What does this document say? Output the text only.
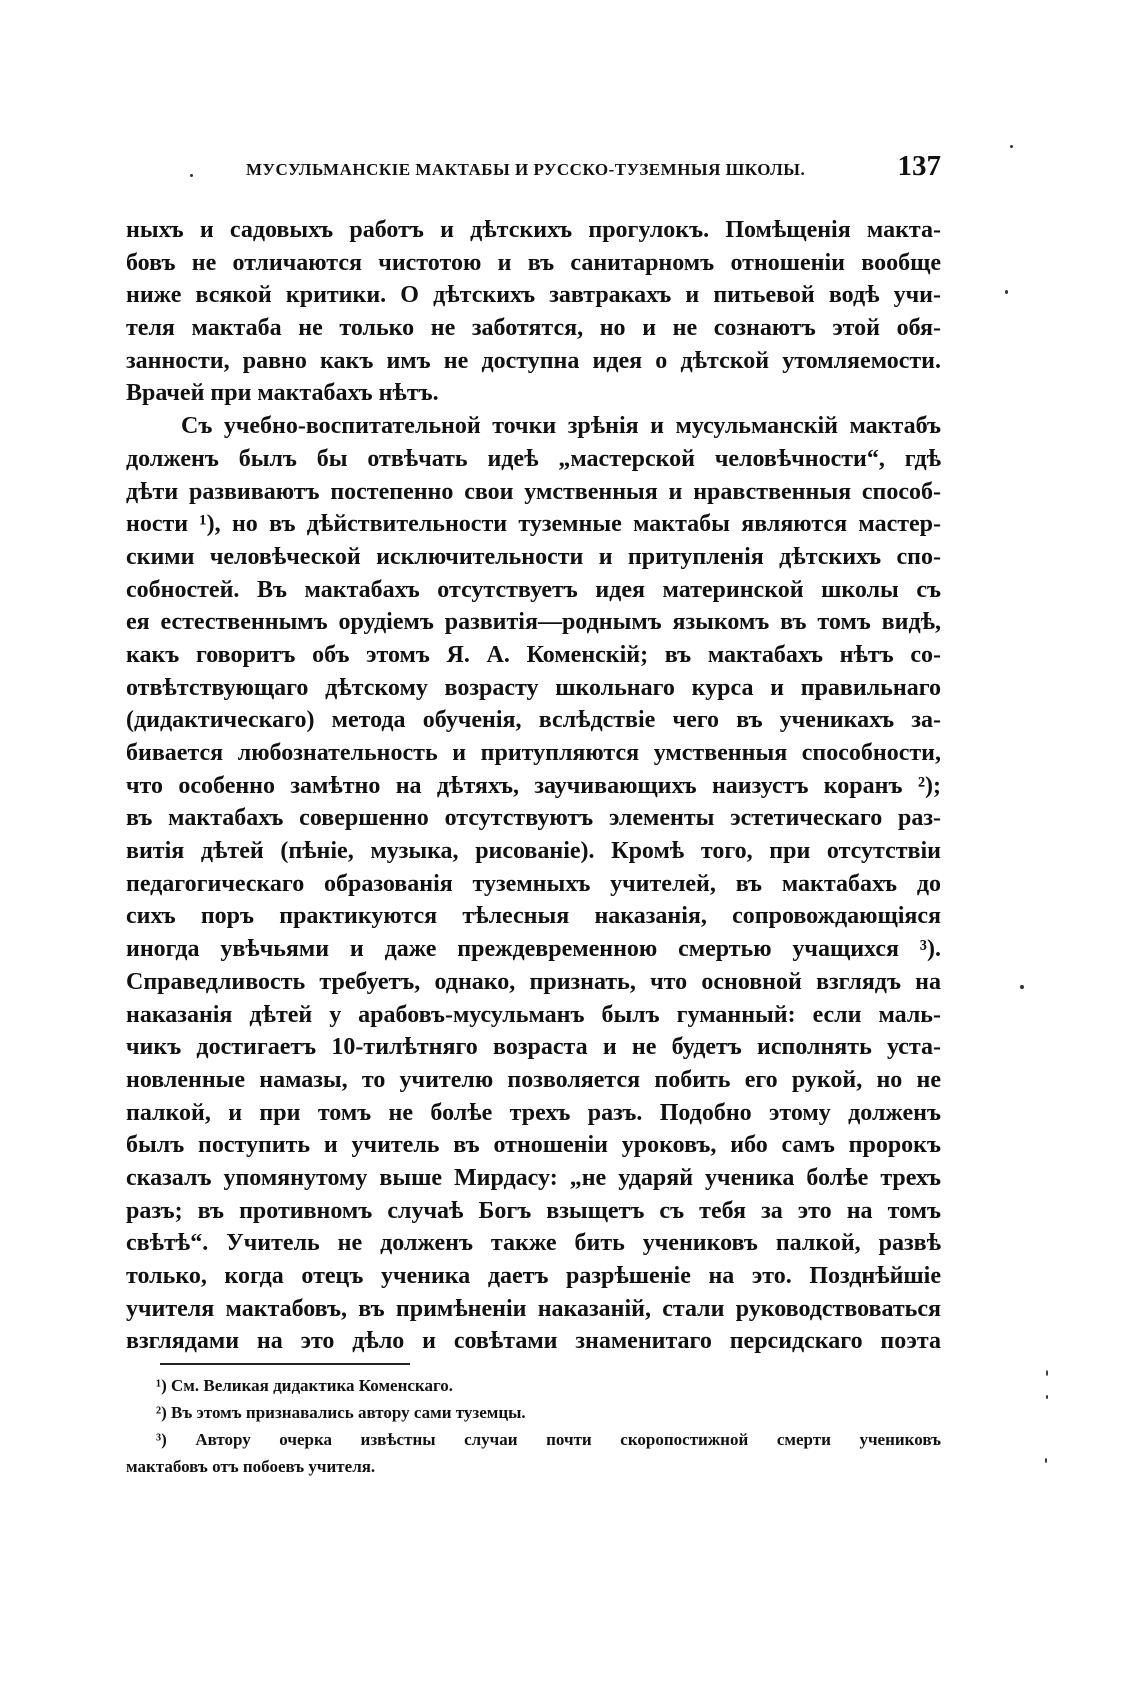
МУСУЛЬМАНСКІЕ МАКТАБЫ И РУССКО-ТУЗЕМНЫЯ ШКОЛЫ.	137
ныхъ и садовыхъ работъ и дѣтскихъ прогулокъ. Помѣщенія макта-
бовъ не отличаются чистотою и въ санитарномъ отношеніи вообще
ниже всякой критики. О дѣтскихъ завтракахъ и питьевой водѣ учи-
теля мактаба не только не заботятся, но и не сознаютъ этой обя-
занности, равно какъ имъ не доступна идея о дѣтской утомляемости.
Врачей при мактабахъ нѣтъ.
Съ учебно-воспитательной точки зрѣнія и мусульманскій мактабъ
долженъ былъ бы отвѣчать идеѣ „мастерской человѣчности“, гдѣ
дѣти развиваютъ постепенно свои умственныя и нравственныя способ-
ности ¹), но въ дѣйствительности туземные мактабы являются мастер-
скими человѣческой исключительности и притупленія дѣтскихъ спо-
собностей. Въ мактабахъ отсутствуетъ идея материнской школы съ
ея естественнымъ орудіемъ развитія—роднымъ языкомъ въ томъ видѣ,
какъ говоритъ объ этомъ Я. А. Коменскій; въ мактабахъ нѣтъ со-
отвѣтствующаго дѣтскому возрасту школьнаго курса и правильнаго
(дидактическаго) метода обученія, вслѣдствіе чего въ ученикахъ за-
бивается любознательность и притупляются умственныя способности,
что особенно замѣтно на дѣтяхъ, заучивающихъ наизустъ коранъ ²);
въ мактабахъ совершенно отсутствуютъ элементы эстетическаго раз-
витія дѣтей (пѣніе, музыка, рисованіе). Кромѣ того, при отсутствіи
педагогическаго образованія туземныхъ учителей, въ мактабахъ до
сихъ поръ практикуются тѣлесныя наказанія, сопровождающіяся
иногда увѣчьями и даже преждевременною смертью учащихся ³).
Справедливость требуетъ, однако, признать, что основной взглядъ на
наказанія дѣтей у арабовъ-мусульманъ былъ гуманный: если маль-
чикъ достигаетъ 10-тилѣтняго возраста и не будетъ исполнять уста-
новленные намазы, то учителю позволяется побить его рукой, но не
палкой, и при томъ не болѣе трехъ разъ. Подобно этому долженъ
былъ поступить и учитель въ отношеніи уроковъ, ибо самъ пророкъ
сказалъ упомянутому выше Мирдасу: „не ударяй ученика болѣе трехъ
разъ; въ противномъ случаѣ Богъ взыщетъ съ тебя за это на томъ
свѣтѣ“. Учитель не долженъ также бить учениковъ палкой, развѣ
только, когда отецъ ученика даетъ разрѣшеніе на это. Позднѣйшіе
учителя мактабовъ, въ примѣненіи наказаній, стали руководствоваться
взглядами на это дѣло и совѣтами знаменитаго персидскаго поэта
¹) См. Великая дидактика Коменскаго.
²) Въ этомъ признавались автору сами туземцы.
³) Автору очерка извѣстны случаи почти скоропостижной смерти учениковъ
мактабовъ отъ побоевъ учителя.
